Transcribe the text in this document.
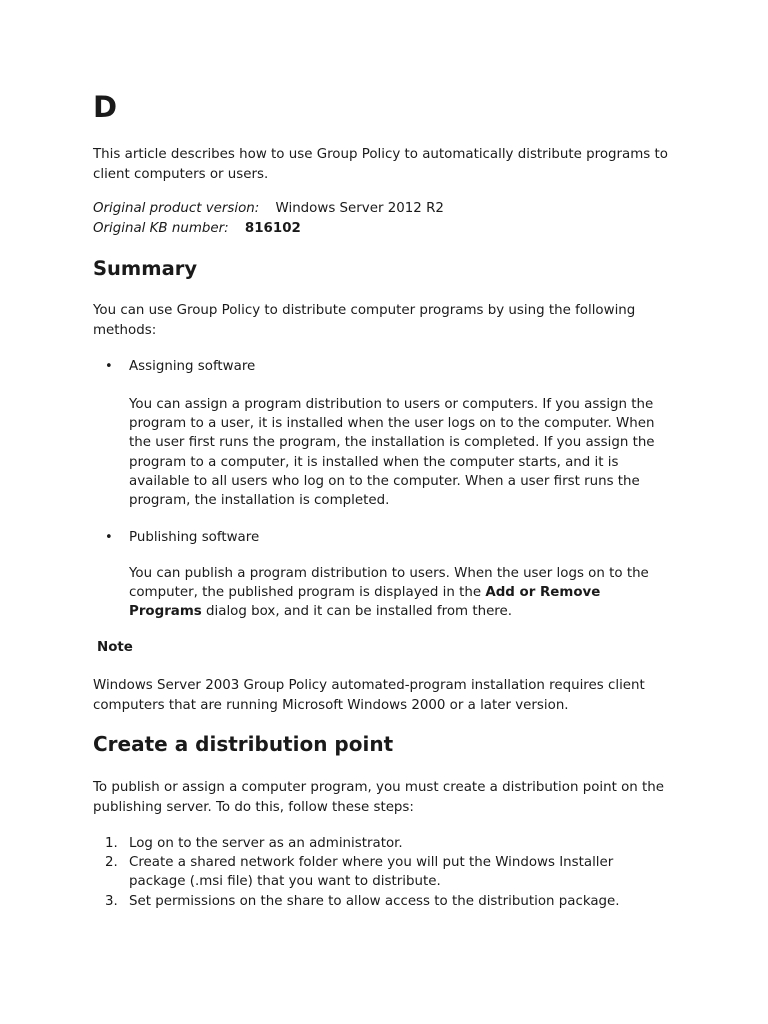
D

This article describes how to use Group Policy to automatically distribute programs to client computers or users.

Original product version: Windows Server 2012 R2
Original KB number: 816102
Summary

You can use Group Policy to distribute computer programs by using the following methods:

• Assigning software
You can assign a program distribution to users or computers. If you assign the program to a user, it is installed when the user logs on to the computer. When the user first runs the program, the installation is completed. If you assign the program to a computer, it is installed when the computer starts, and it is available to all users who log on to the computer. When a user first runs the program, the installation is completed.
• Publishing software
You can publish a program distribution to users. When the user logs on to the computer, the published program is displayed in the Add or Remove Programs dialog box, and it can be installed from there.
Note

Windows Server 2003 Group Policy automated-program installation requires client computers that are running Microsoft Windows 2000 or a later version.

Create a distribution point

To publish or assign a computer program, you must create a distribution point on the publishing server. To do this, follow these steps:

1. Log on to the server as an administrator.
2. Create a shared network folder where you will put the Windows Installer package (.msi file) that you want to distribute.
3. Set permissions on the share to allow access to the distribution package.
